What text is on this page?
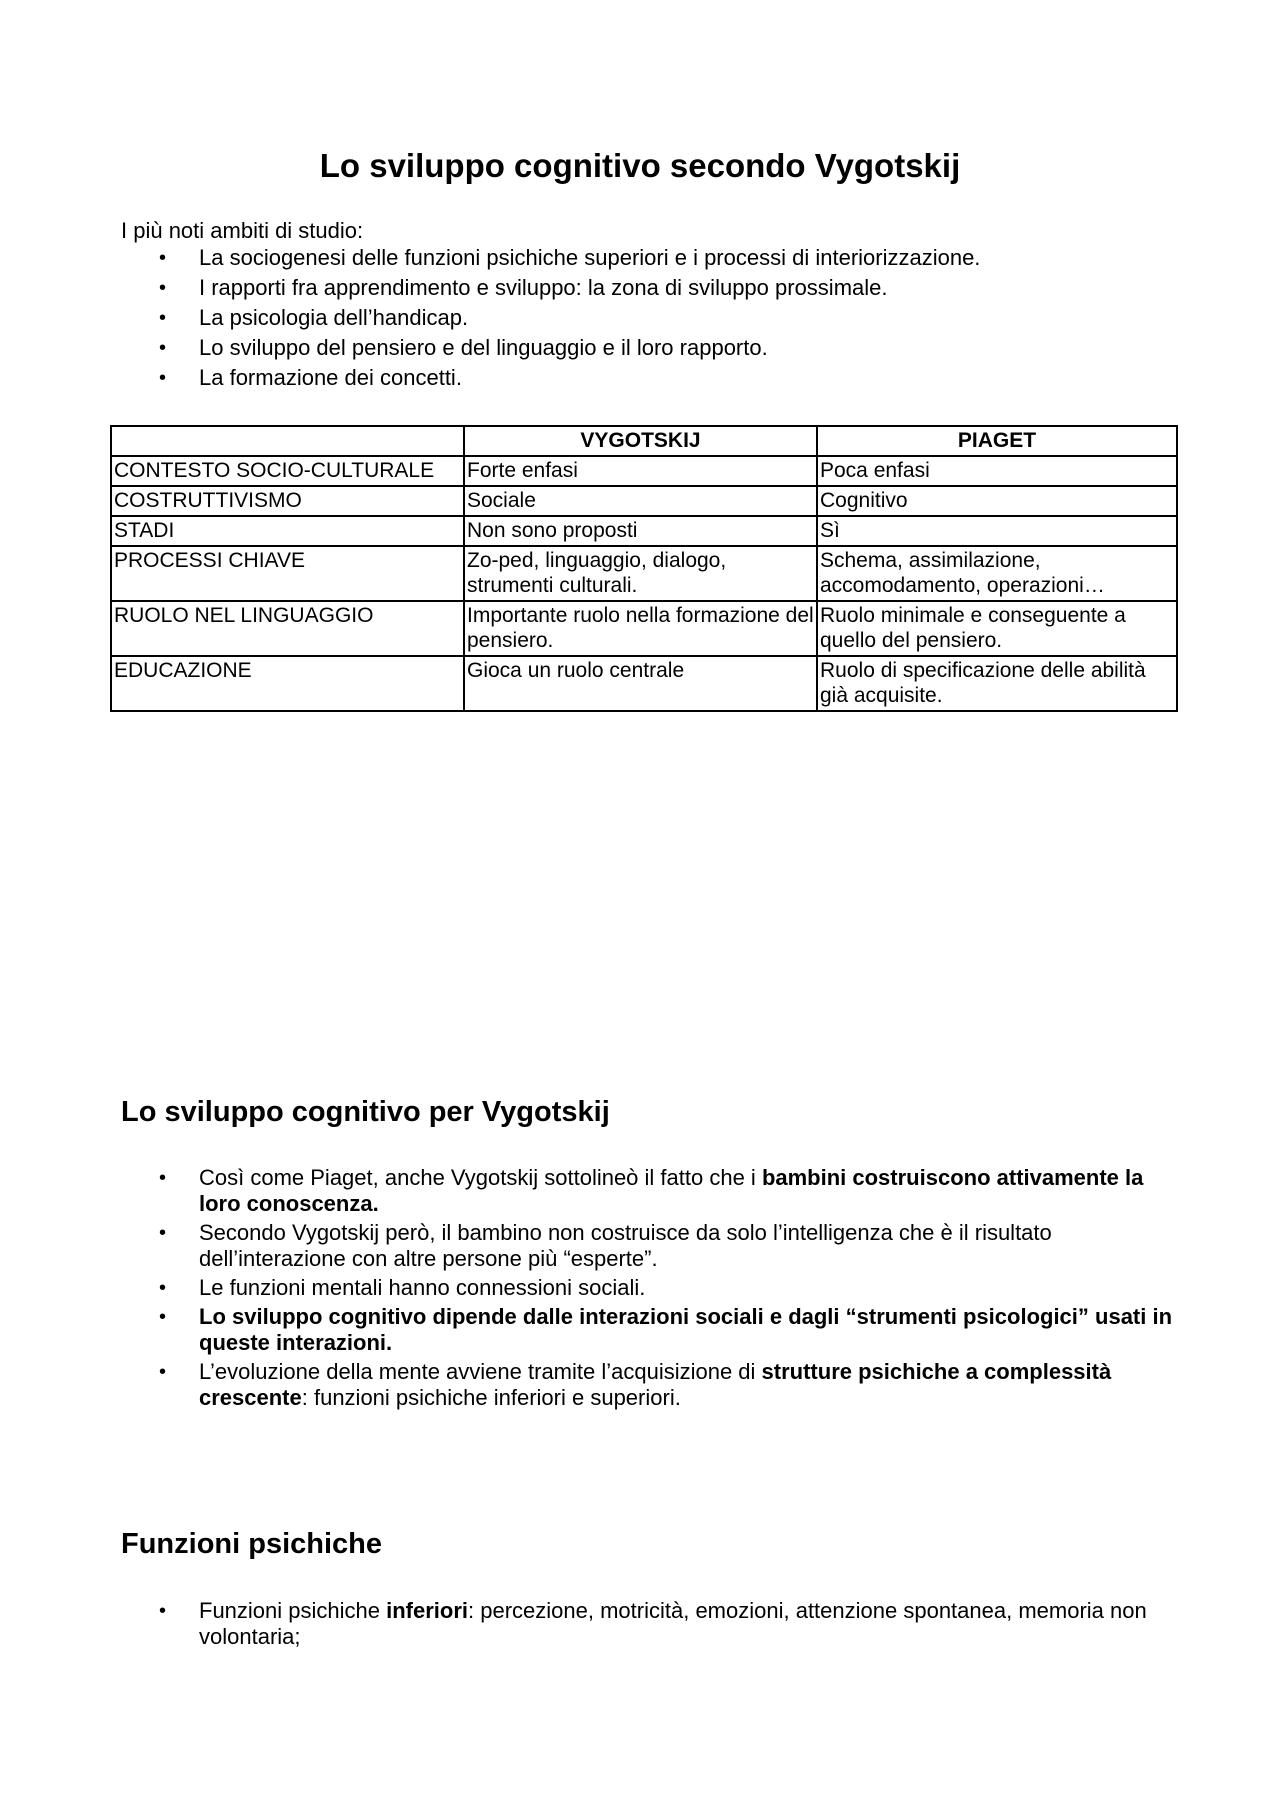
Lo sviluppo cognitivo secondo Vygotskij

I più noti ambiti di studio:

• La sociogenesi delle funzioni psichiche superiori e i processi di interiorizzazione.
• I rapporti fra apprendimento e sviluppo: la zona di sviluppo prossimale.
• La psicologia dell’handicap.
• Lo sviluppo del pensiero e del linguaggio e il loro rapporto.
• La formazione dei concetti.
	VYGOTSKIJ	PIAGET
CONTESTO SOCIO-CULTURALE	Forte enfasi	Poca enfasi
COSTRUTTIVISMO	Sociale	Cognitivo
STADI	Non sono proposti	Sì
PROCESSI CHIAVE	Zo-ped, linguaggio, dialogo, strumenti culturali.	Schema, assimilazione, accomodamento, operazioni…
RUOLO NEL LINGUAGGIO	Importante ruolo nella formazione del pensiero.	Ruolo minimale e conseguente a quello del pensiero.
EDUCAZIONE	Gioca un ruolo centrale	Ruolo di specificazione delle abilità già acquisite.
Lo sviluppo cognitivo per Vygotskij
• Così come Piaget, anche Vygotskij sottolineò il fatto che i bambini costruiscono attivamente la loro conoscenza.
• Secondo Vygotskij però, il bambino non costruisce da solo l’intelligenza che è il risultato dell’interazione con altre persone più “esperte”.
• Le funzioni mentali hanno connessioni sociali.
• Lo sviluppo cognitivo dipende dalle interazioni sociali e dagli “strumenti psicologici” usati in queste interazioni.
• L’evoluzione della mente avviene tramite l’acquisizione di strutture psichiche a complessità crescente: funzioni psichiche inferiori e superiori.
Funzioni psichiche
• Funzioni psichiche inferiori: percezione, motricità, emozioni, attenzione spontanea, memoria non volontaria;
